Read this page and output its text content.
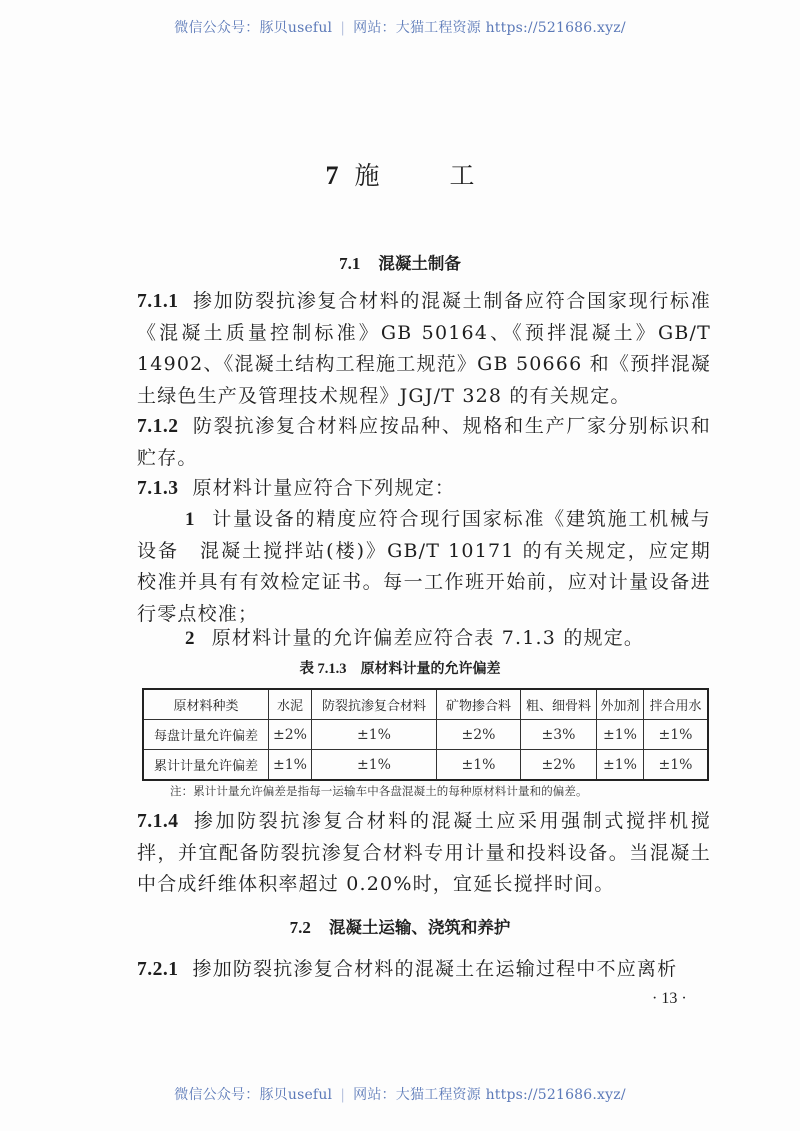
微信公众号：豚贝useful | 网站：大猫工程资源 https://521686.xyz/
7 施	工
7.1 混凝土制备
7.1.1 掺加防裂抗渗复合材料的混凝土制备应符合国家现行标准《混凝土质量控制标准》GB 50164、《预拌混凝土》GB/T 14902、《混凝土结构工程施工规范》GB 50666 和《预拌混凝土绿色生产及管理技术规程》JGJ/T 328 的有关规定。
7.1.2 防裂抗渗复合材料应按品种、规格和生产厂家分别标识和贮存。
7.1.3 原材料计量应符合下列规定：
1 计量设备的精度应符合现行国家标准《建筑施工机械与设备　混凝土搅拌站(楼)》GB/T 10171 的有关规定，应定期校准并具有有效检定证书。每一工作班开始前，应对计量设备进行零点校准；
2 原材料计量的允许偏差应符合表 7.1.3 的规定。
表 7.1.3 原材料计量的允许偏差
原材料种类	水泥	防裂抗渗复合材料	矿物掺合料	粗、细骨料	外加剂	拌合用水
每盘计量允许偏差	±2%	±1%	±2%	±3%	±1%	±1%
累计计量允许偏差	±1%	±1%	±1%	±2%	±1%	±1%
注：累计计量允许偏差是指每一运输车中各盘混凝土的每种原材料计量和的偏差。
7.1.4 掺加防裂抗渗复合材料的混凝土应采用强制式搅拌机搅拌，并宜配备防裂抗渗复合材料专用计量和投料设备。当混凝土中合成纤维体积率超过 0.20%时，宜延长搅拌时间。
7.2 混凝土运输、浇筑和养护
7.2.1 掺加防裂抗渗复合材料的混凝土在运输过程中不应离析
· 13 ·
微信公众号：豚贝useful | 网站：大猫工程资源 https://521686.xyz/
